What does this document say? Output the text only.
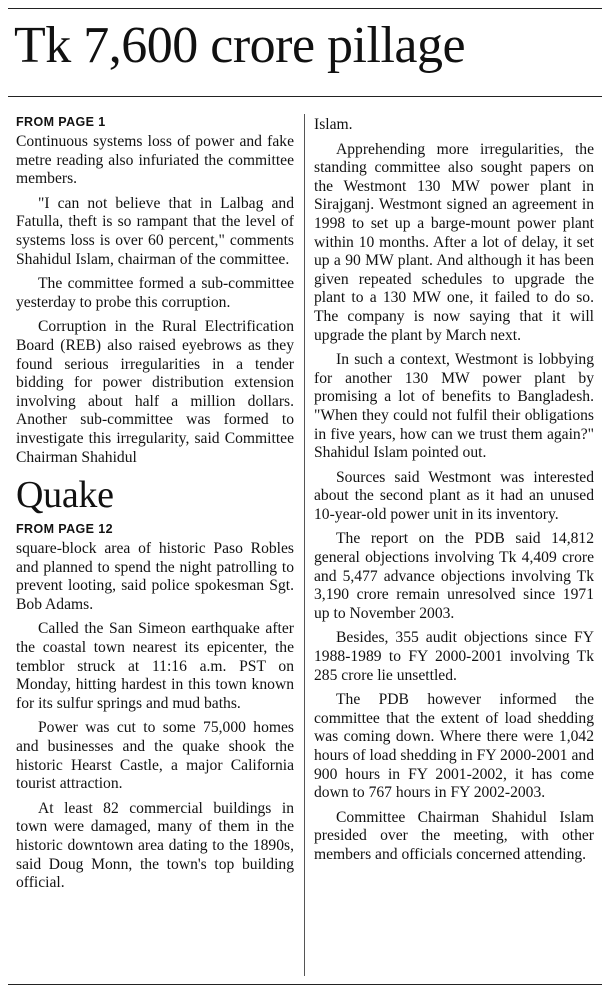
Tk 7,600 crore pillage
FROM PAGE 1

Continuous systems loss of power and fake metre reading also infuriated the committee members.

"I can not believe that in Lalbag and Fatulla, theft is so rampant that the level of systems loss is over 60 percent," comments Shahidul Islam, chairman of the committee.

The committee formed a sub-committee yesterday to probe this corruption.

Corruption in the Rural Electrification Board (REB) also raised eyebrows as they found serious irregularities in a tender bidding for power distribution extension involving about half a million dollars. Another sub-committee was formed to investigate this irregularity, said Committee Chairman Shahidul

Quake
FROM PAGE 12

square-block area of historic Paso Robles and planned to spend the night patrolling to prevent looting, said police spokesman Sgt. Bob Adams.

Called the San Simeon earthquake after the coastal town nearest its epicenter, the temblor struck at 11:16 a.m. PST on Monday, hitting hardest in this town known for its sulfur springs and mud baths.

Power was cut to some 75,000 homes and businesses and the quake shook the historic Hearst Castle, a major California tourist attraction.

At least 82 commercial buildings in town were damaged, many of them in the historic downtown area dating to the 1890s, said Doug Monn, the town's top building official.

Islam.

Apprehending more irregularities, the standing committee also sought papers on the Westmont 130 MW power plant in Sirajganj. Westmont signed an agreement in 1998 to set up a barge-mount power plant within 10 months. After a lot of delay, it set up a 90 MW plant. And although it has been given repeated schedules to upgrade the plant to a 130 MW one, it failed to do so. The company is now saying that it will upgrade the plant by March next.

In such a context, Westmont is lobbying for another 130 MW power plant by promising a lot of benefits to Bangladesh. "When they could not fulfil their obligations in five years, how can we trust them again?" Shahidul Islam pointed out.

Sources said Westmont was interested about the second plant as it had an unused 10-year-old power unit in its inventory.

The report on the PDB said 14,812 general objections involving Tk 4,409 crore and 5,477 advance objections involving Tk 3,190 crore remain unresolved since 1971 up to November 2003.

Besides, 355 audit objections since FY 1988-1989 to FY 2000-2001 involving Tk 285 crore lie unsettled.

The PDB however informed the committee that the extent of load shedding was coming down. Where there were 1,042 hours of load shedding in FY 2000-2001 and 900 hours in FY 2001-2002, it has come down to 767 hours in FY 2002-2003.

Committee Chairman Shahidul Islam presided over the meeting, with other members and officials concerned attending.
